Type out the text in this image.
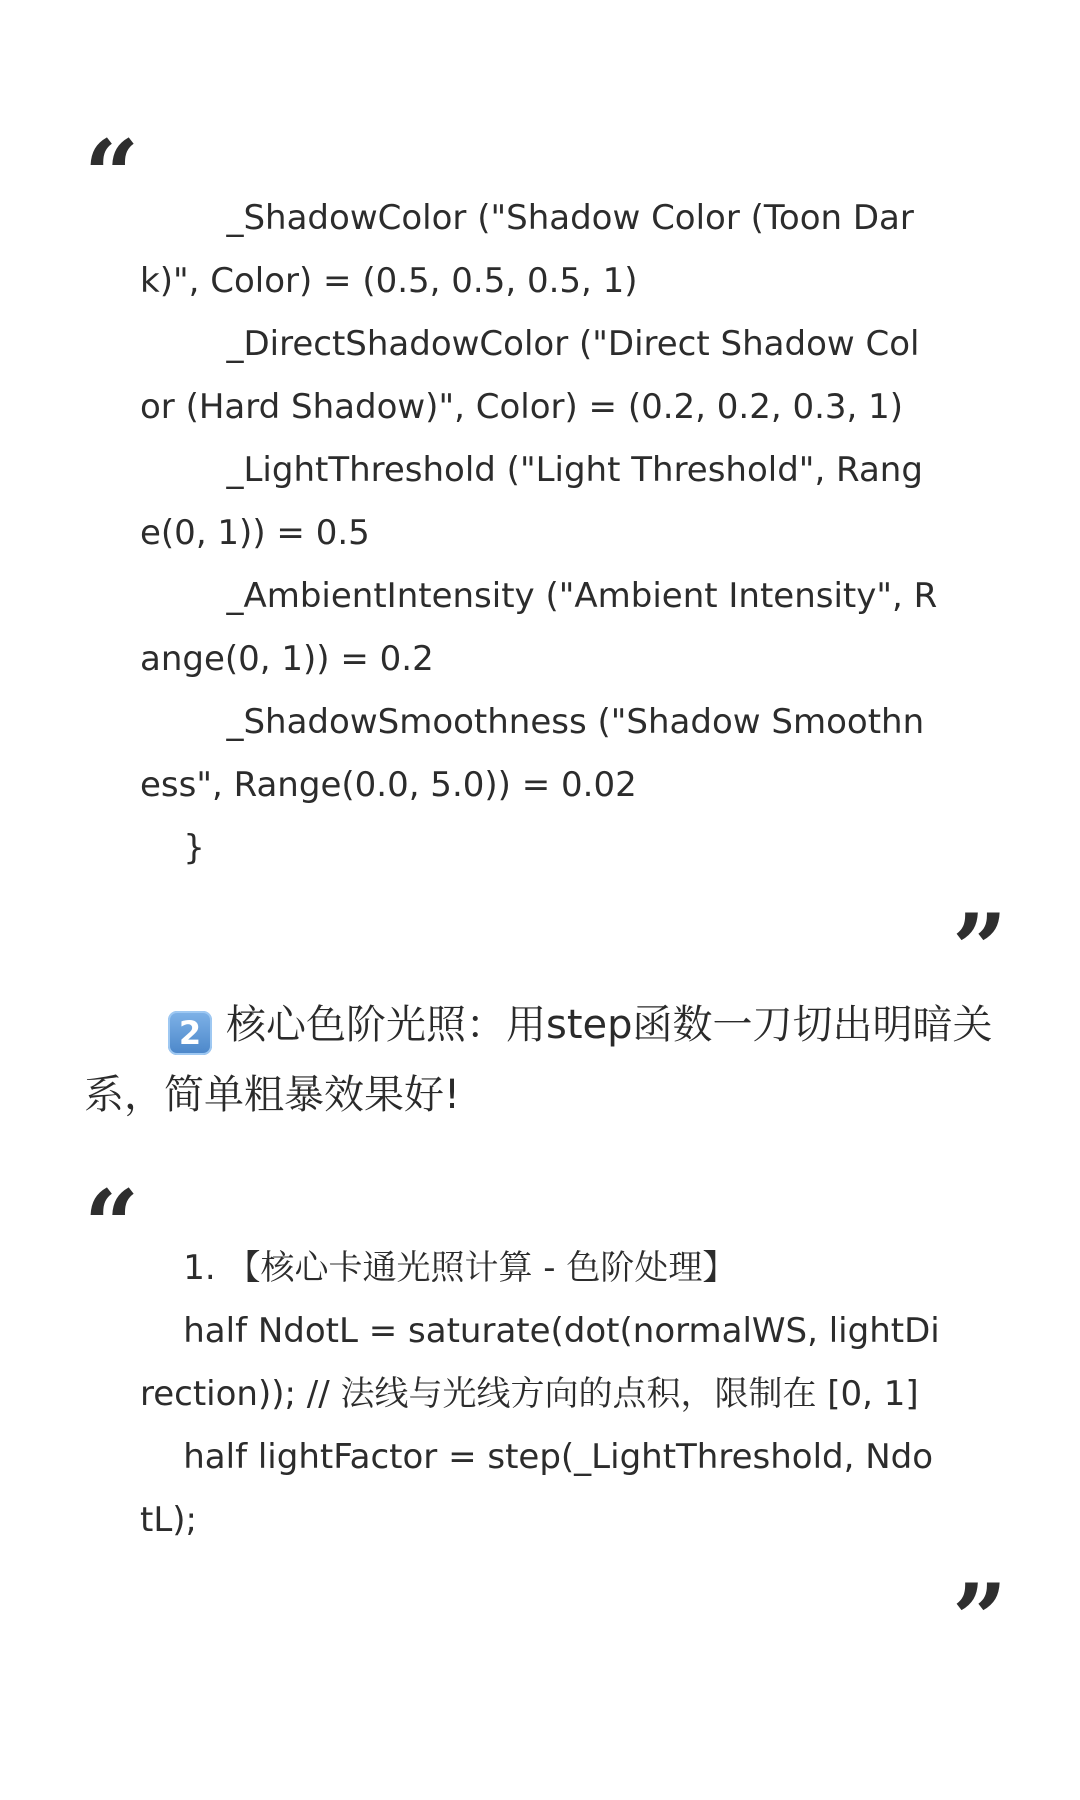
“ _ShadowColor ("Shadow Color (Toon Dark)", Color) = (0.5, 0.5, 0.5, 1)
_DirectShadowColor ("Direct Shadow Color (Hard Shadow)", Color) = (0.2, 0.2, 0.3, 1)
_LightThreshold ("Light Threshold", Range(0, 1)) = 0.5
_AmbientIntensity ("Ambient Intensity", Range(0, 1)) = 0.2
_ShadowSmoothness ("Shadow Smoothness", Range(0.0, 5.0)) = 0.02
}
”
2 核心色阶光照：用step函数一刀切出明暗关系，简单粗暴效果好!
“ 1. 【核心卡通光照计算 - 色阶处理】
half NdotL = saturate(dot(normalWS, lightDirection)); // 法线与光线方向的点积，限制在 [0, 1]
half lightFactor = step(_LightThreshold, NdotL);
”
